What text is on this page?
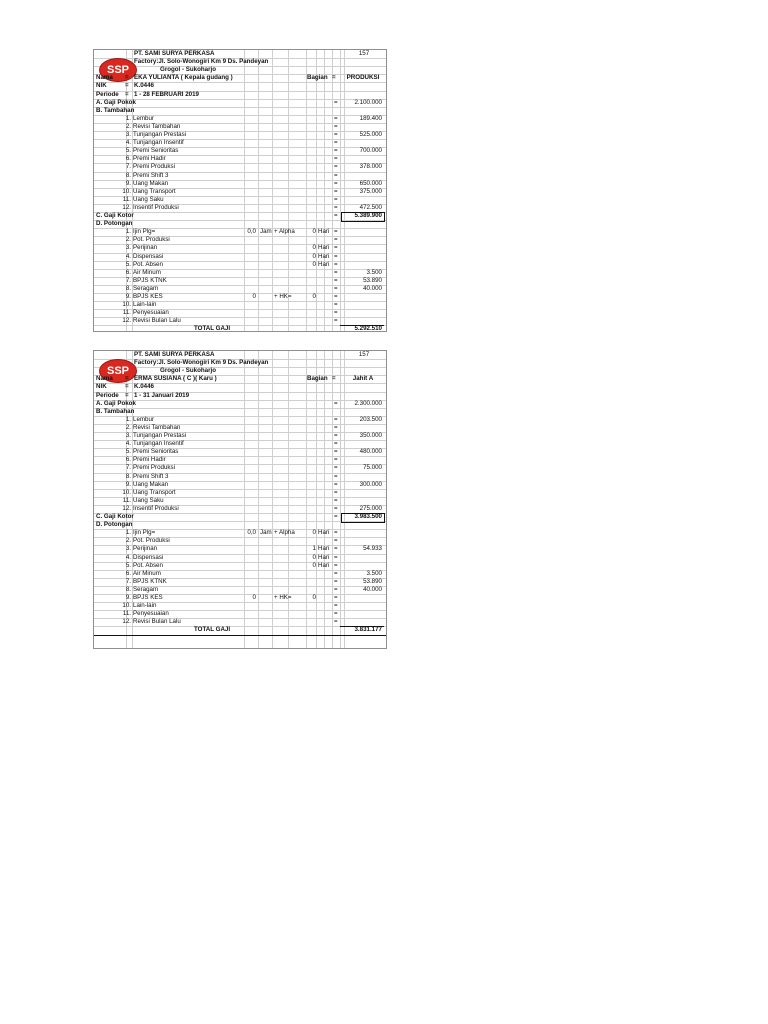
SSP
PT. SAMI SURYA PERKASA	157
Factory:Jl. Solo-Wonogiri Km 9 Ds. Pandeyan
Grogol - Sukoharjo
Nama = EKA YULIANTA ( Kepala gudang )	Bagian =	PRODUKSI
NIK	= K.0446
Periode = 1 - 28 FEBRUARI 2019
A. Gaji Pokok	=	2.100.000
B. Tambahan
1. Lembur	=	189.400
2. Revisi Tambahan	=
3. Tunjangan Prestasi	=	525.000
4. Tunjangan Insentif	=
5. Premi Senioritas	=	700.000
6. Premi Hadir	=
7. Premi Produksi	=	378.000
8. Premi Shift 3	=
9. Uang Makan	=	650.000
10. Uang Transport	=	375.000
11. Uang Saku	=
12. Insentif Produksi	=	472.500
C. Gaji Kotor	=	5.389.900
D. Potongan
1. Ijin Plg=	0,0 Jam + Alpha	0 Hari =
2. Pot. Produksi	=
3. Perijinan	0 Hari =
4. Dispensasi	0 Hari =
5. Pot. Absen	0 Hari =
6. Air Minum	=	3.500
7. BPJS KTNK	=	53.890
8. Seragam	=	40.000
9. BPJS KES	0	+ HK=	0	=
10. Lain-lain	=
11. Penyesuaian	=
12. Revisi Bulan Lalu	=
TOTAL GAJI	5.292.510
SSP
PT. SAMI SURYA PERKASA	157
Factory:Jl. Solo-Wonogiri Km 9 Ds. Pandeyan
Grogol - Sukoharjo
Nama = ERMA SUSIANA ( C )( Karu )	Bagian =	Jahit A
NIK	= K.0446
Periode = 1 - 31 Januari 2019
A. Gaji Pokok	=	2.300.000
B. Tambahan
1. Lembur	=	203.500
2. Revisi Tambahan	=
3. Tunjangan Prestasi	=	350.000
4. Tunjangan Insentif	=
5. Premi Senioritas	=	480.000
6. Premi Hadir	=
7. Premi Produksi	=	75.000
8. Premi Shift 3	=
9. Uang Makan	=	300.000
10. Uang Transport	=
11. Uang Saku	=
12. Insentif Produksi	=	275.000
C. Gaji Kotor	=	3.983.500
D. Potongan
1. Ijin Plg=	0,0 Jam + Alpha	0 Hari =
2. Pot. Produksi	=
3. Perijinan	1 Hari =	54.933
4. Dispensasi	0 Hari =
5. Pot. Absen	0 Hari =
6. Air Minum	=	3.500
7. BPJS KTNK	=	53.890
8. Seragam	=	40.000
9. BPJS KES	0	+ HK=	0	=
10. Lain-lain	=
11. Penyesuaian	=
12. Revisi Bulan Lalu	=
TOTAL GAJI	3.831.177
